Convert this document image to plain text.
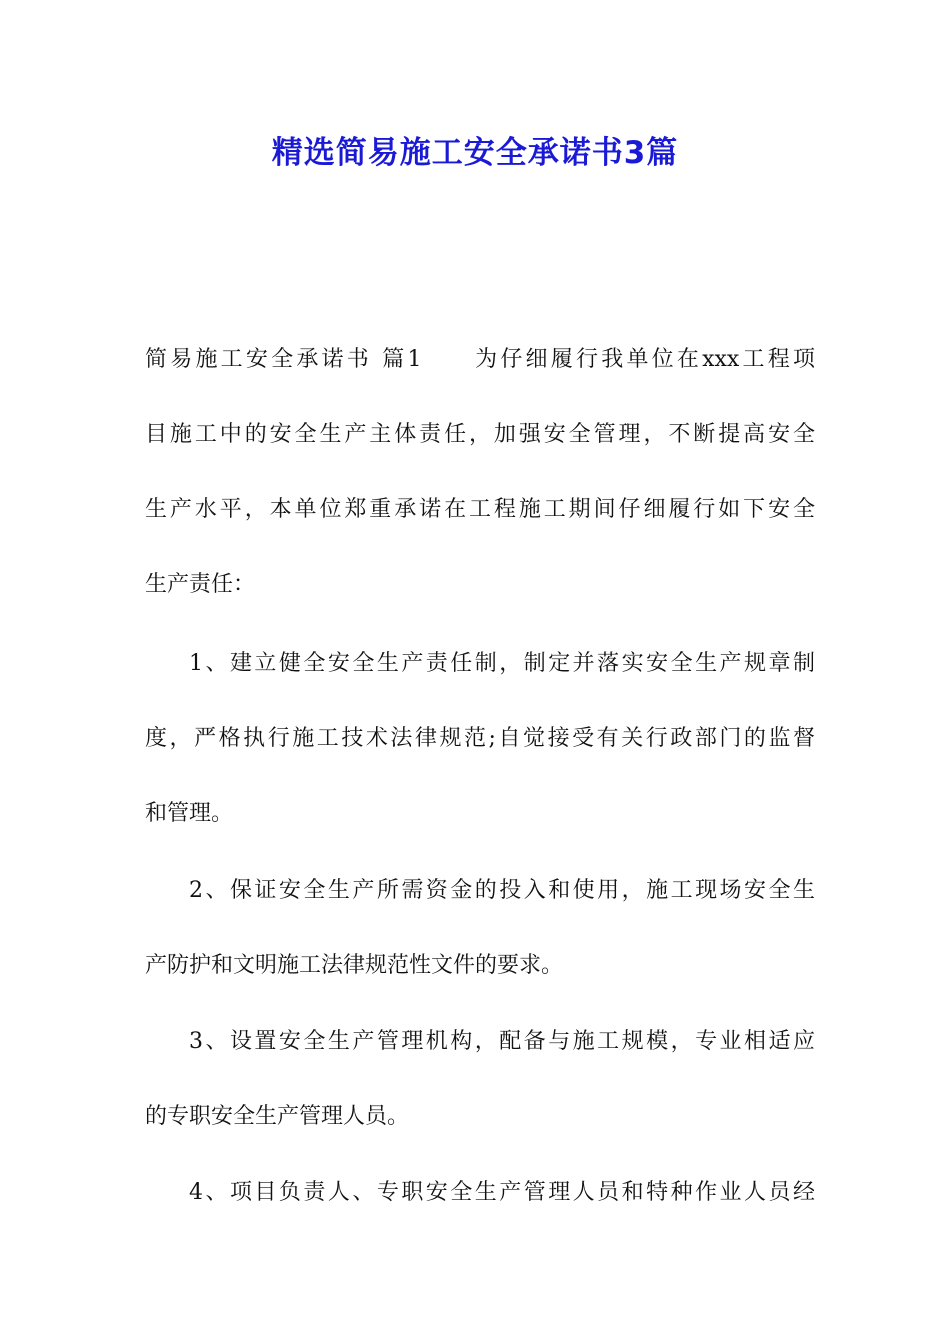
精选简易施工安全承诺书3篇
简易施工安全承诺书 篇1　　为仔细履行我单位在xxx工程项
目施工中的安全生产主体责任，加强安全管理，不断提高安全
生产水平，本单位郑重承诺在工程施工期间仔细履行如下安全
生产责任：
1、建立健全安全生产责任制，制定并落实安全生产规章制
度，严格执行施工技术法律规范;自觉接受有关行政部门的监督
和管理。
2、保证安全生产所需资金的投入和使用，施工现场安全生
产防护和文明施工法律规范性文件的要求。
3、设置安全生产管理机构，配备与施工规模，专业相适应
的专职安全生产管理人员。
4、项目负责人、专职安全生产管理人员和特种作业人员经
